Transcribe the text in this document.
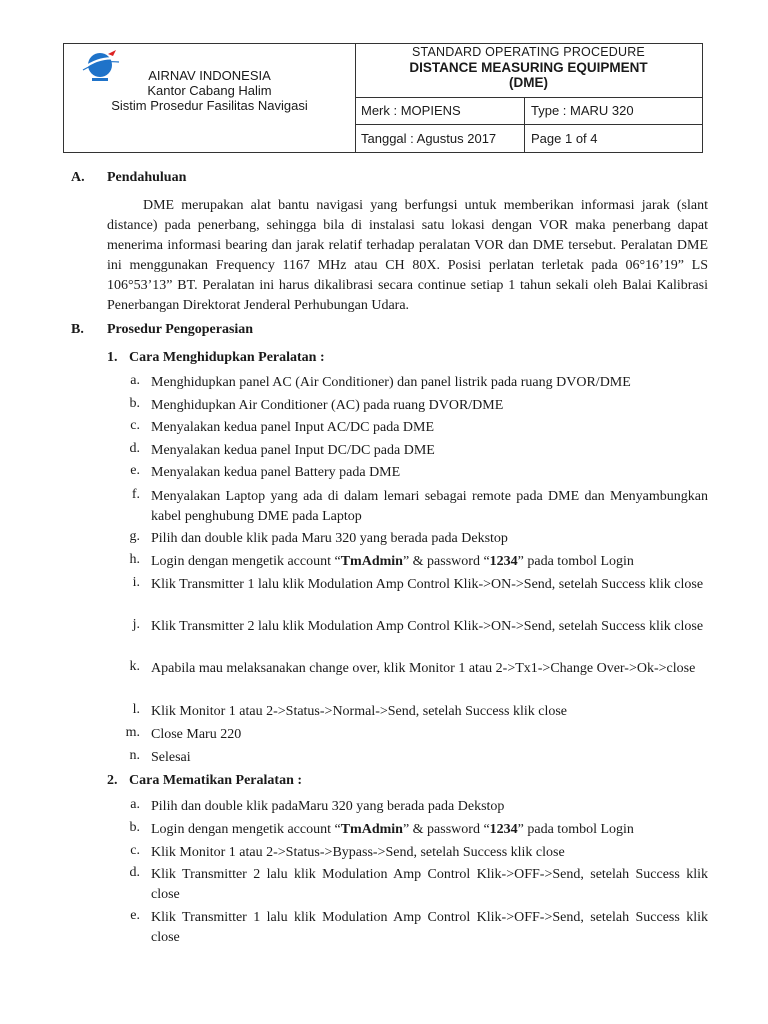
AIRNAV INDONESIA
Kantor Cabang Halim
Sistim Prosedur Fasilitas Navigasi
STANDARD OPERATING PROCEDURE
DISTANCE MEASURING EQUIPMENT
(DME)
Merk : MOPIENS	Type : MARU 320
Tanggal : Agustus 2017	Page 1 of 4
A. Pendahuluan
DME merupakan alat bantu navigasi yang berfungsi untuk memberikan informasi jarak (slant distance) pada penerbang, sehingga bila di instalasi satu lokasi dengan VOR maka penerbang dapat menerima informasi bearing dan jarak relatif terhadap peralatan VOR dan DME tersebut. Peralatan DME ini menggunakan Frequency 1167 MHz atau CH 80X. Posisi perlatan terletak pada 06°16’19” LS 106°53’13” BT. Peralatan ini harus dikalibrasi secara continue setiap 1 tahun sekali oleh Balai Kalibrasi Penerbangan Direktorat Jenderal Perhubungan Udara.
B. Prosedur Pengoperasian
1. Cara Menghidupkan Peralatan :
a. Menghidupkan panel AC (Air Conditioner) dan panel listrik pada ruang DVOR/DME
b. Menghidupkan Air Conditioner (AC) pada ruang DVOR/DME
c. Menyalakan kedua panel Input AC/DC pada DME
d. Menyalakan kedua panel Input DC/DC pada DME
e. Menyalakan kedua panel Battery pada DME
f. Menyalakan Laptop yang ada di dalam lemari sebagai remote pada DME dan Menyambungkan kabel penghubung DME pada Laptop
g. Pilih dan double klik pada Maru 320 yang berada pada Dekstop
h. Login dengan mengetik account “TmAdmin” & password “1234” pada tombol Login
i. Klik Transmitter 1 lalu klik Modulation Amp Control Klik->ON->Send, setelah Success klik close
j. Klik Transmitter 2 lalu klik Modulation Amp Control Klik->ON->Send, setelah Success klik close
k. Apabila mau melaksanakan change over, klik Monitor 1 atau 2->Tx1->Change Over->Ok->close
l. Klik Monitor 1 atau 2->Status->Normal->Send, setelah Success klik close
m. Close Maru 220
n. Selesai
2. Cara Mematikan Peralatan :
a. Pilih dan double klik padaMaru 320 yang berada pada Dekstop
b. Login dengan mengetik account “TmAdmin” & password “1234” pada tombol Login
c. Klik Monitor 1 atau 2->Status->Bypass->Send, setelah Success klik close
d. Klik Transmitter 2 lalu klik Modulation Amp Control Klik->OFF->Send, setelah Success klik close
e. Klik Transmitter 1 lalu klik Modulation Amp Control Klik->OFF->Send, setelah Success klik close
